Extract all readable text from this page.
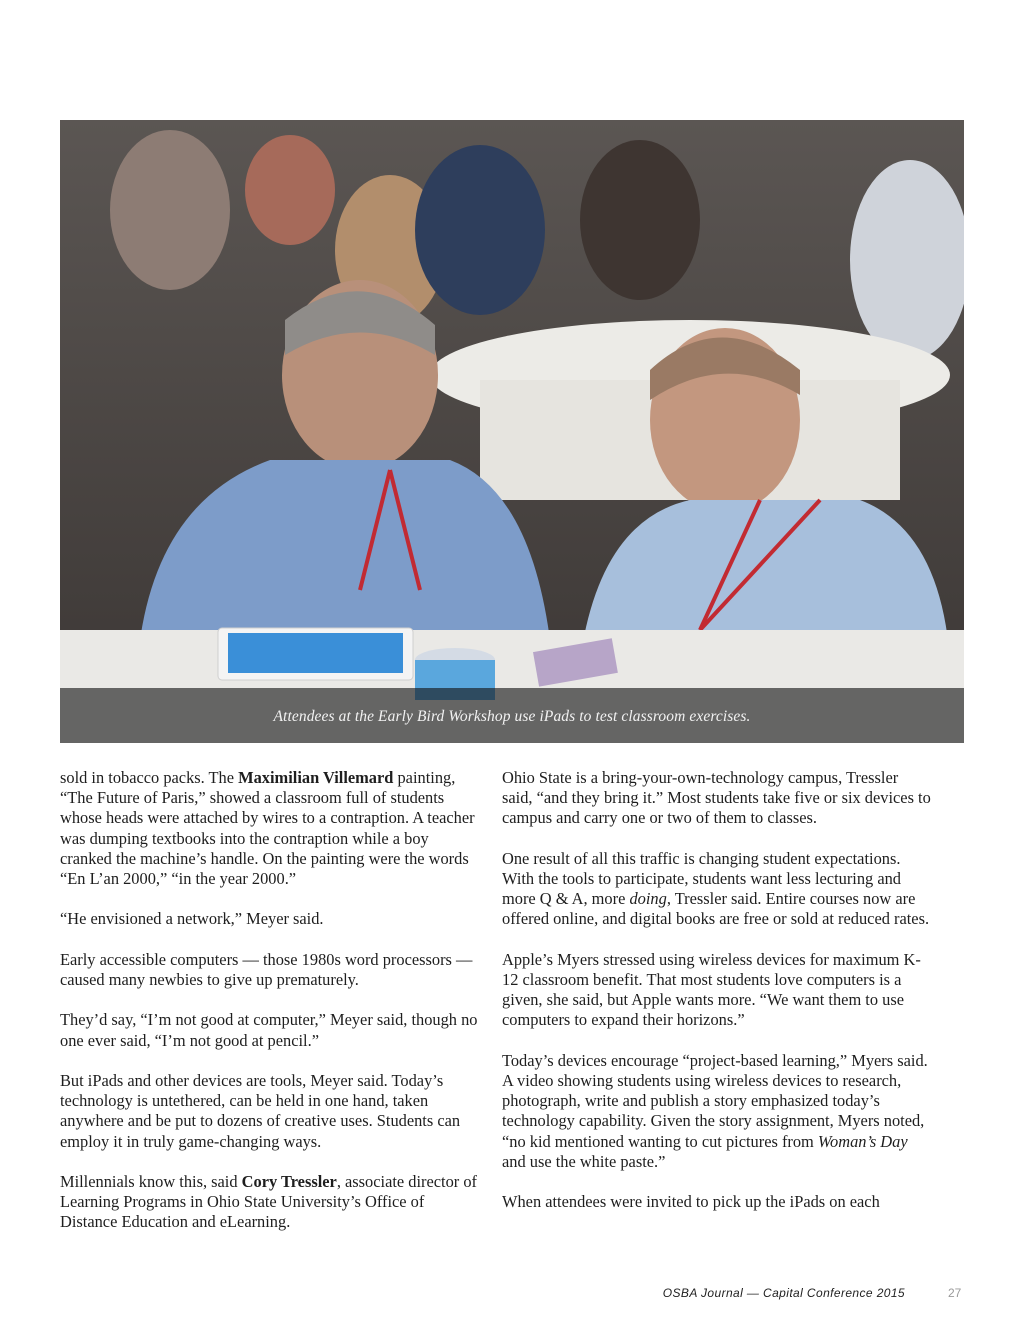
Attendees at the Early Bird Workshop use iPads to test classroom exercises.

sold in tobacco packs. The Maximilian Villemard painting, “The Future of Paris,” showed a classroom full of students whose heads were attached by wires to a contraption. A teacher was dumping textbooks into the contraption while a boy cranked the machine’s handle. On the painting were the words “En L’an 2000,” “in the year 2000.”

“He envisioned a network,” Meyer said.

Early accessible computers — those 1980s word processors — caused many newbies to give up prematurely.

They’d say, “I’m not good at computer,” Meyer said, though no one ever said, “I’m not good at pencil.”

But iPads and other devices are tools, Meyer said. Today’s technology is untethered, can be held in one hand, taken anywhere and be put to dozens of creative uses. Students can employ it in truly game-changing ways.

Millennials know this, said Cory Tressler, associate director of Learning Programs in Ohio State University’s Office of Distance Education and eLearning.

Ohio State is a bring-your-own-technology campus, Tressler said, “and they bring it.” Most students take five or six devices to campus and carry one or two of them to classes.

One result of all this traffic is changing student expectations. With the tools to participate, students want less lecturing and more Q & A, more doing, Tressler said. Entire courses now are offered online, and digital books are free or sold at reduced rates.

Apple’s Myers stressed using wireless devices for maximum K-12 classroom benefit. That most students love computers is a given, she said, but Apple wants more. “We want them to use computers to expand their horizons.”

Today’s devices encourage “project-based learning,” Myers said. A video showing students using wireless devices to research, photograph, write and publish a story emphasized today’s technology capability. Given the story assignment, Myers noted, “no kid mentioned wanting to cut pictures from Woman’s Day and use the white paste.”

When attendees were invited to pick up the iPads on each

OSBA Journal — Capital Conference 2015	27
